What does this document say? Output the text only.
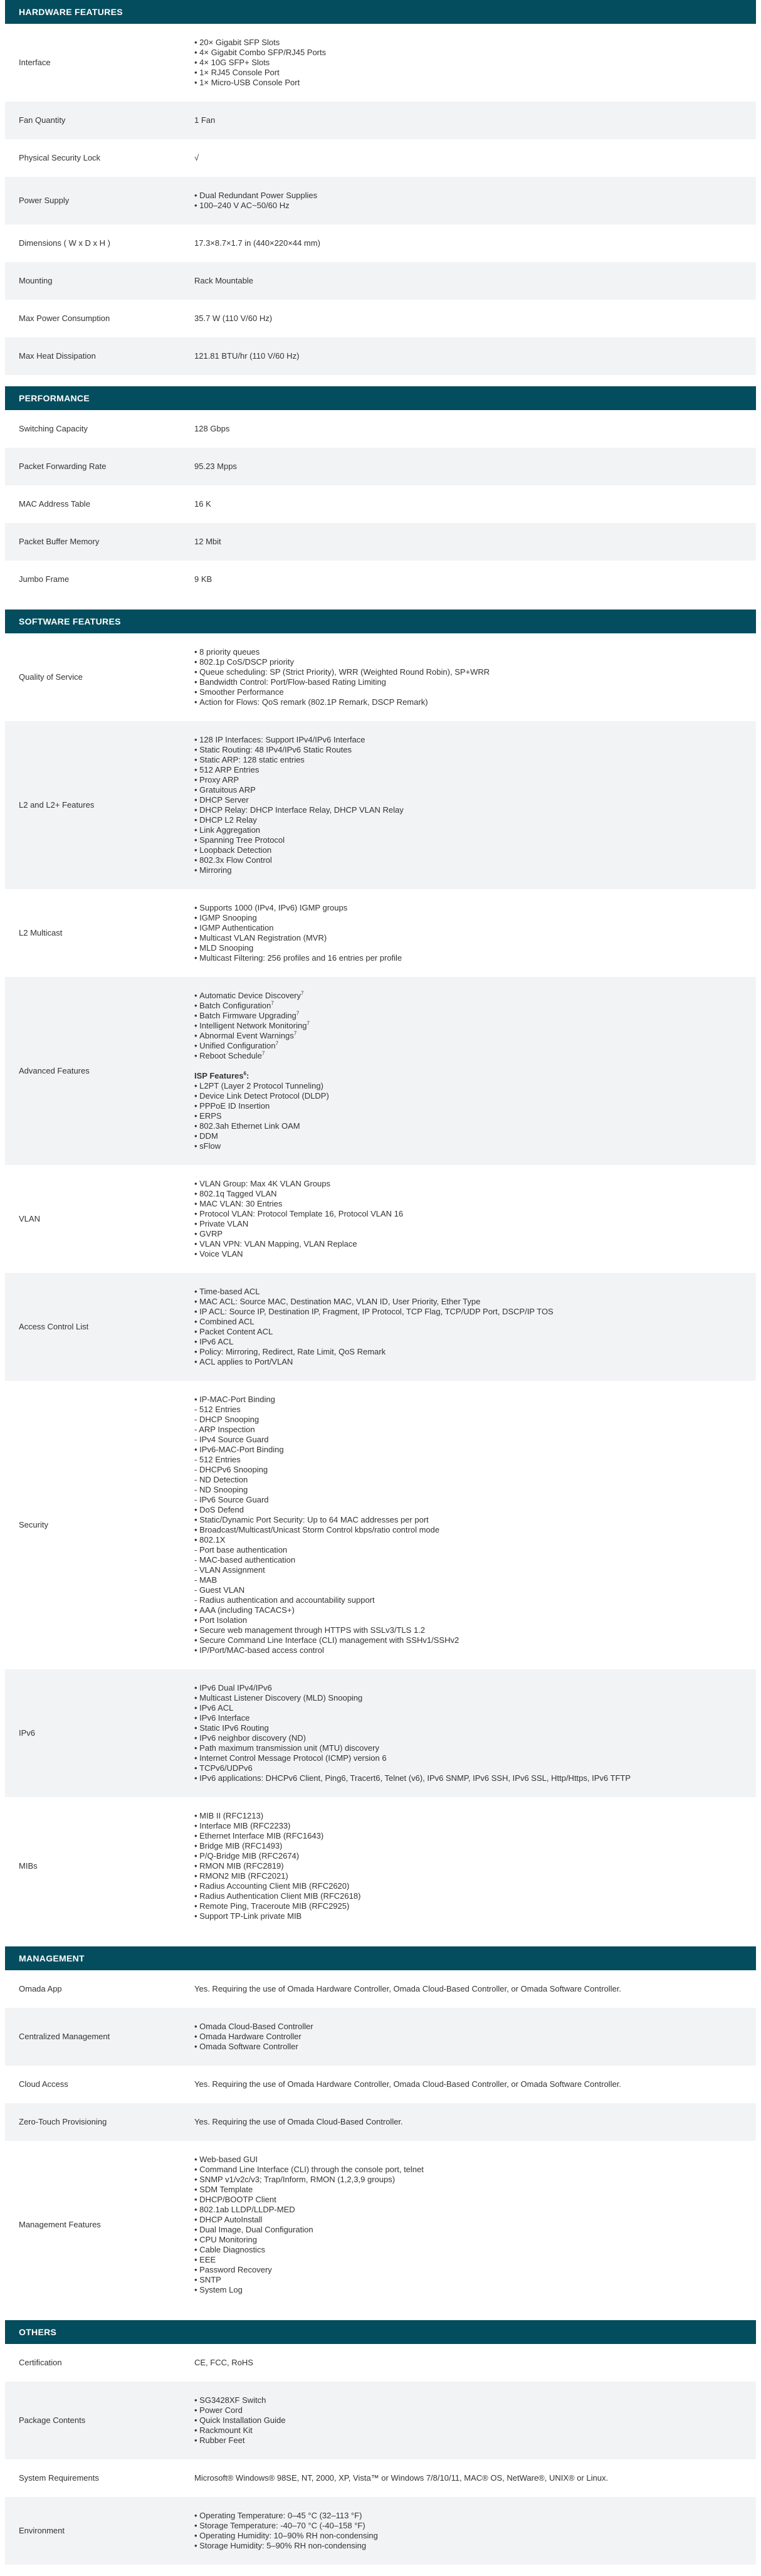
HARDWARE FEATURES
Interface
• 20× Gigabit SFP Slots
• 4× Gigabit Combo SFP/RJ45 Ports
• 4× 10G SFP+ Slots
• 1× RJ45 Console Port
• 1× Micro-USB Console Port
Fan Quantity	1 Fan
Physical Security Lock	√
Power Supply
• Dual Redundant Power Supplies
• 100–240 V AC~50/60 Hz
Dimensions ( W x D x H )	17.3×8.7×1.7 in (440×220×44 mm)
Mounting	Rack Mountable
Max Power Consumption	35.7 W (110 V/60 Hz)
Max Heat Dissipation	121.81 BTU/hr (110 V/60 Hz)
PERFORMANCE
Switching Capacity	128 Gbps
Packet Forwarding Rate	95.23 Mpps
MAC Address Table	16 K
Packet Buffer Memory	12 Mbit
Jumbo Frame	9 KB
SOFTWARE FEATURES
Quality of Service
• 8 priority queues
• 802.1p CoS/DSCP priority
• Queue scheduling: SP (Strict Priority), WRR (Weighted Round Robin), SP+WRR
• Bandwidth Control: Port/Flow-based Rating Limiting
• Smoother Performance
• Action for Flows: QoS remark (802.1P Remark, DSCP Remark)
L2 and L2+ Features
• 128 IP Interfaces: Support IPv4/IPv6 Interface
• Static Routing: 48 IPv4/IPv6 Static Routes
• Static ARP: 128 static entries
• 512 ARP Entries
• Proxy ARP
• Gratuitous ARP
• DHCP Server
• DHCP Relay: DHCP Interface Relay, DHCP VLAN Relay
• DHCP L2 Relay
• Link Aggregation
• Spanning Tree Protocol
• Loopback Detection
• 802.3x Flow Control
• Mirroring
L2 Multicast
• Supports 1000 (IPv4, IPv6) IGMP groups
• IGMP Snooping
• IGMP Authentication
• Multicast VLAN Registration (MVR)
• MLD Snooping
• Multicast Filtering: 256 profiles and 16 entries per profile
Advanced Features
• Automatic Device Discovery$^7$
• Batch Configuration$^7$
• Batch Firmware Upgrading$^7$
• Intelligent Network Monitoring$^7$
• Abnormal Event Warnings$^7$
• Unified Configuration$^7$
• Reboot Schedule$^7$
ISP Features$^6$:
• L2PT (Layer 2 Protocol Tunneling)
• Device Link Detect Protocol (DLDP)
• PPPoE ID Insertion
• ERPS
• 802.3ah Ethernet Link OAM
• DDM
• sFlow
VLAN
• VLAN Group: Max 4K VLAN Groups
• 802.1q Tagged VLAN
• MAC VLAN: 30 Entries
• Protocol VLAN: Protocol Template 16, Protocol VLAN 16
• Private VLAN
• GVRP
• VLAN VPN: VLAN Mapping, VLAN Replace
• Voice VLAN
Access Control List
• Time-based ACL
• MAC ACL: Source MAC, Destination MAC, VLAN ID, User Priority, Ether Type
• IP ACL: Source IP, Destination IP, Fragment, IP Protocol, TCP Flag, TCP/UDP Port, DSCP/IP TOS
• Combined ACL
• Packet Content ACL
• IPv6 ACL
• Policy: Mirroring, Redirect, Rate Limit, QoS Remark
• ACL applies to Port/VLAN
Security
• IP-MAC-Port Binding
- 512 Entries
- DHCP Snooping
- ARP Inspection
- IPv4 Source Guard
• IPv6-MAC-Port Binding
- 512 Entries
- DHCPv6 Snooping
- ND Detection
- ND Snooping
- IPv6 Source Guard
• DoS Defend
• Static/Dynamic Port Security: Up to 64 MAC addresses per port
• Broadcast/Multicast/Unicast Storm Control kbps/ratio control mode
• 802.1X
- Port base authentication
- MAC-based authentication
- VLAN Assignment
- MAB
- Guest VLAN
- Radius authentication and accountability support
• AAA (including TACACS+)
• Port Isolation
• Secure web management through HTTPS with SSLv3/TLS 1.2
• Secure Command Line Interface (CLI) management with SSHv1/SSHv2
• IP/Port/MAC-based access control
IPv6
• IPv6 Dual IPv4/IPv6
• Multicast Listener Discovery (MLD) Snooping
• IPv6 ACL
• IPv6 Interface
• Static IPv6 Routing
• IPv6 neighbor discovery (ND)
• Path maximum transmission unit (MTU) discovery
• Internet Control Message Protocol (ICMP) version 6
• TCPv6/UDPv6
• IPv6 applications: DHCPv6 Client, Ping6, Tracert6, Telnet (v6), IPv6 SNMP, IPv6 SSH, IPv6 SSL, Http/Https, IPv6 TFTP
MIBs
• MIB II (RFC1213)
• Interface MIB (RFC2233)
• Ethernet Interface MIB (RFC1643)
• Bridge MIB (RFC1493)
• P/Q-Bridge MIB (RFC2674)
• RMON MIB (RFC2819)
• RMON2 MIB (RFC2021)
• Radius Accounting Client MIB (RFC2620)
• Radius Authentication Client MIB (RFC2618)
• Remote Ping, Traceroute MIB (RFC2925)
• Support TP-Link private MIB
MANAGEMENT
Omada App	Yes. Requiring the use of Omada Hardware Controller, Omada Cloud-Based Controller, or Omada Software Controller.
Centralized Management
• Omada Cloud-Based Controller
• Omada Hardware Controller
• Omada Software Controller
Cloud Access	Yes. Requiring the use of Omada Hardware Controller, Omada Cloud-Based Controller, or Omada Software Controller.
Zero-Touch Provisioning	Yes. Requiring the use of Omada Cloud-Based Controller.
Management Features
• Web-based GUI
• Command Line Interface (CLI) through the console port, telnet
• SNMP v1/v2c/v3; Trap/Inform, RMON (1,2,3,9 groups)
• SDM Template
• DHCP/BOOTP Client
• 802.1ab LLDP/LLDP-MED
• DHCP AutoInstall
• Dual Image, Dual Configuration
• CPU Monitoring
• Cable Diagnostics
• EEE
• Password Recovery
• SNTP
• System Log
OTHERS
Certification	CE, FCC, RoHS
Package Contents
• SG3428XF Switch
• Power Cord
• Quick Installation Guide
• Rackmount Kit
• Rubber Feet
System Requirements	Microsoft® Windows® 98SE, NT, 2000, XP, Vista™ or Windows 7/8/10/11, MAC® OS, NetWare®, UNIX® or Linux.
Environment
• Operating Temperature: 0–45 °C (32–113 °F)
• Storage Temperature: -40–70 °C (-40–158 °F)
• Operating Humidity: 10–90% RH non-condensing
• Storage Humidity: 5–90% RH non-condensing
